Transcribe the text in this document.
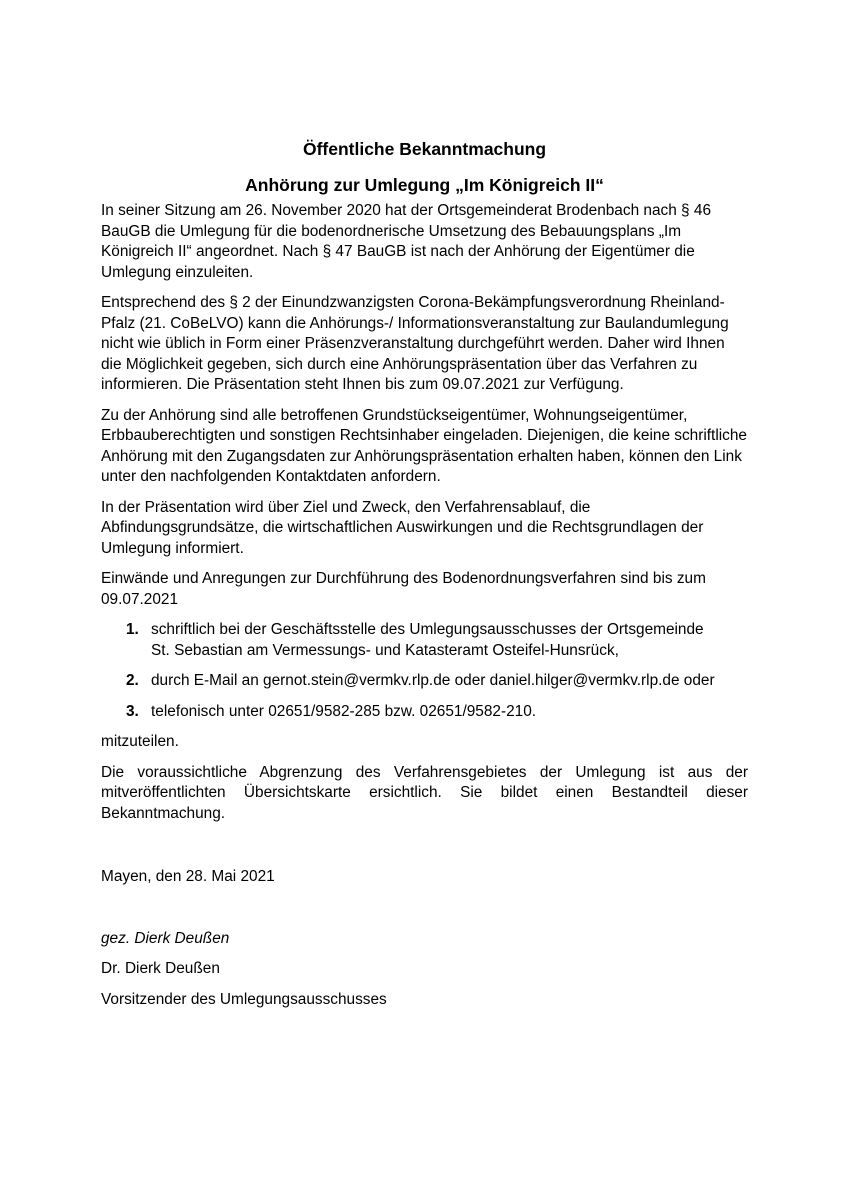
Öffentliche Bekanntmachung
Anhörung zur Umlegung „Im Königreich II“

In seiner Sitzung am 26. November 2020 hat der Ortsgemeinderat Brodenbach nach § 46 BauGB die Umlegung für die bodenordnerische Umsetzung des Bebauungsplans „Im Königreich II“ angeordnet. Nach § 47 BauGB ist nach der Anhörung der Eigentümer die Umlegung einzuleiten.

Entsprechend des § 2 der Einundzwanzigsten Corona-Bekämpfungsverordnung Rheinland-Pfalz (21. CoBeLVO) kann die Anhörungs-/ Informationsveranstaltung zur Baulandumlegung nicht wie üblich in Form einer Präsenzveranstaltung durchgeführt werden. Daher wird Ihnen die Möglichkeit gegeben, sich durch eine Anhörungspräsentation über das Verfahren zu informieren. Die Präsentation steht Ihnen bis zum 09.07.2021 zur Verfügung.

Zu der Anhörung sind alle betroffenen Grundstückseigentümer, Wohnungseigentümer, Erbbauberechtigten und sonstigen Rechtsinhaber eingeladen. Diejenigen, die keine schriftliche Anhörung mit den Zugangsdaten zur Anhörungspräsentation erhalten haben, können den Link unter den nachfolgenden Kontaktdaten anfordern.

In der Präsentation wird über Ziel und Zweck, den Verfahrensablauf, die Abfindungsgrundsätze, die wirtschaftlichen Auswirkungen und die Rechtsgrundlagen der Umlegung informiert.

Einwände und Anregungen zur Durchführung des Bodenordnungsverfahren sind bis zum 09.07.2021

1. schriftlich bei der Geschäftsstelle des Umlegungsausschusses der Ortsgemeinde
St. Sebastian am Vermessungs- und Katasteramt Osteifel-Hunsrück,
2. durch E-Mail an gernot.stein@vermkv.rlp.de oder daniel.hilger@vermkv.rlp.de oder
3. telefonisch unter 02651/9582-285 bzw. 02651/9582-210.

mitzuteilen.

Die voraussichtliche Abgrenzung des Verfahrensgebietes der Umlegung ist aus der mitveröffentlichten Übersichtskarte ersichtlich. Sie bildet einen Bestandteil dieser Bekanntmachung.

Mayen, den 28. Mai 2021

gez. Dierk Deußen

Dr. Dierk Deußen

Vorsitzender des Umlegungsausschusses
